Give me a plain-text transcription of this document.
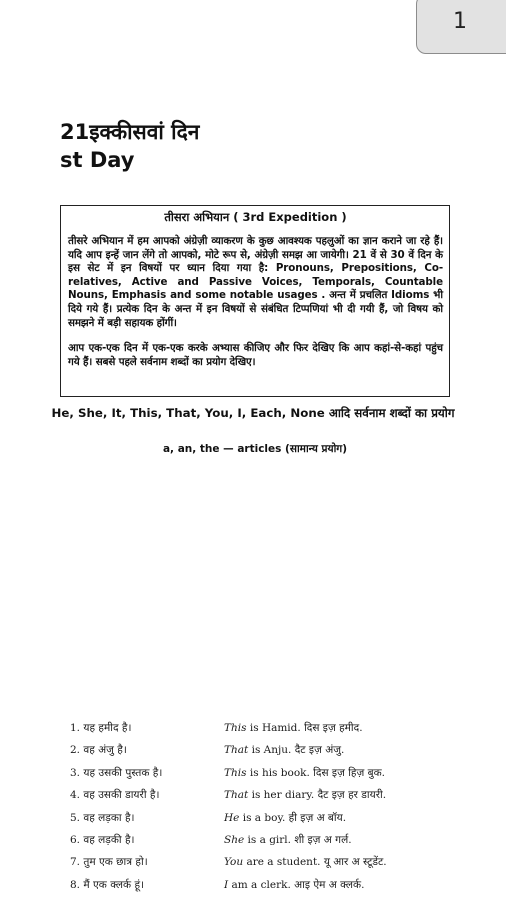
1
21इक्कीसवां दिन
st Day
तीसरा अभियान ( 3rd Expedition )

तीसरे अभियान में हम आपको अंग्रेज़ी व्याकरण के कुछ आवश्यक पहलुओं का ज्ञान कराने जा रहे हैं। यदि आप इन्हें जान लेंगे तो आपको, मोटे रूप से, अंग्रेज़ी समझ आ जायेगी। 21 वें से 30 वें दिन के इस सेट में इन विषयों पर ध्यान दिया गया है: Pronouns, Prepositions, Co-relatives, Active and Passive Voices, Temporals, Countable Nouns, Emphasis and some notable usages . अन्त में प्रचलित Idioms भी दिये गये हैं। प्रत्येक दिन के अन्त में इन विषयों से संबंधित टिप्पणियां भी दी गयी हैं, जो विषय को समझने में बड़ी सहायक होंगीं।

आप एक-एक दिन में एक-एक करके अभ्यास कीजिए और फिर देखिए कि आप कहां-से-कहां पहुंच गये हैं। सबसे पहले सर्वनाम शब्दों का प्रयोग देखिए।

He, She, It, This, That, You, I, Each, None आदि सर्वनाम शब्दों का प्रयोग
a, an, the — articles (सामान्य प्रयोग)
1. यह हमीद है।	This is Hamid. दिस इज़ हमीद.
2. वह अंजु है।	That is Anju. दैट इज़ अंजु.
3. यह उसकी पुस्तक है।	This is his book. दिस इज़ हिज़ बुक.
4. वह उसकी डायरी है।	That is her diary. दैट इज़ हर डायरी.
5. वह लड़का है।	He is a boy. ही इज़ अ बॉय.
6. वह लड़की है।	She is a girl. शी इज़ अ गर्ल.
7. तुम एक छात्र हो।	You are a student. यू आर अ स्टूडेंट.
8. मैं एक क्लर्क हूं।	I am a clerk. आइ ऐम अ क्लर्क.
